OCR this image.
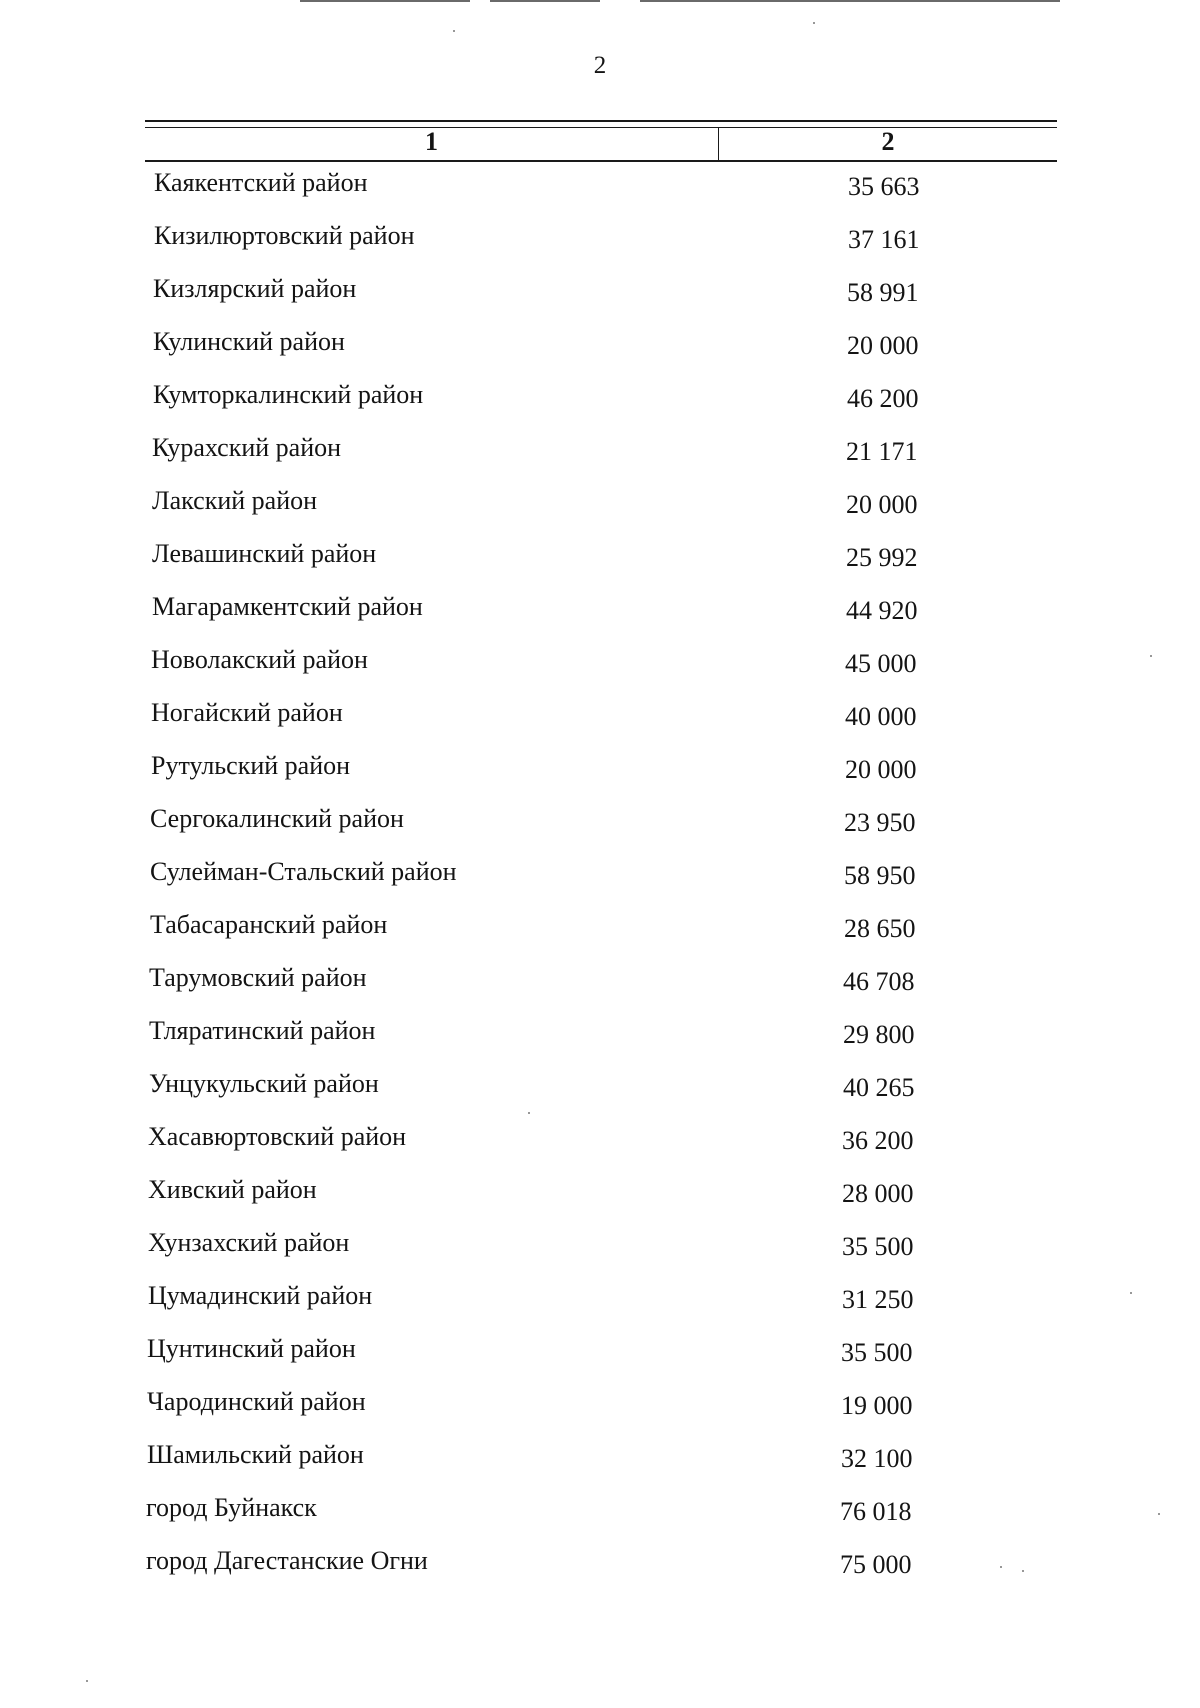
2
1	2
Каякентский район	35 663
Кизилюртовский район	37 161
Кизлярский район	58 991
Кулинский район	20 000
Кумторкалинский район	46 200
Курахский район	21 171
Лакский район	20 000
Левашинский район	25 992
Магарамкентский район	44 920
Новолакский район	45 000
Ногайский район	40 000
Рутульский район	20 000
Сергокалинский район	23 950
Сулейман-Стальский район	58 950
Табасаранский район	28 650
Тарумовский район	46 708
Тляратинский район	29 800
Унцукульский район	40 265
Хасавюртовский район	36 200
Хивский район	28 000
Хунзахский район	35 500
Цумадинский район	31 250
Цунтинский район	35 500
Чародинский район	19 000
Шамильский район	32 100
город Буйнакск	76 018
город Дагестанские Огни	75 000
